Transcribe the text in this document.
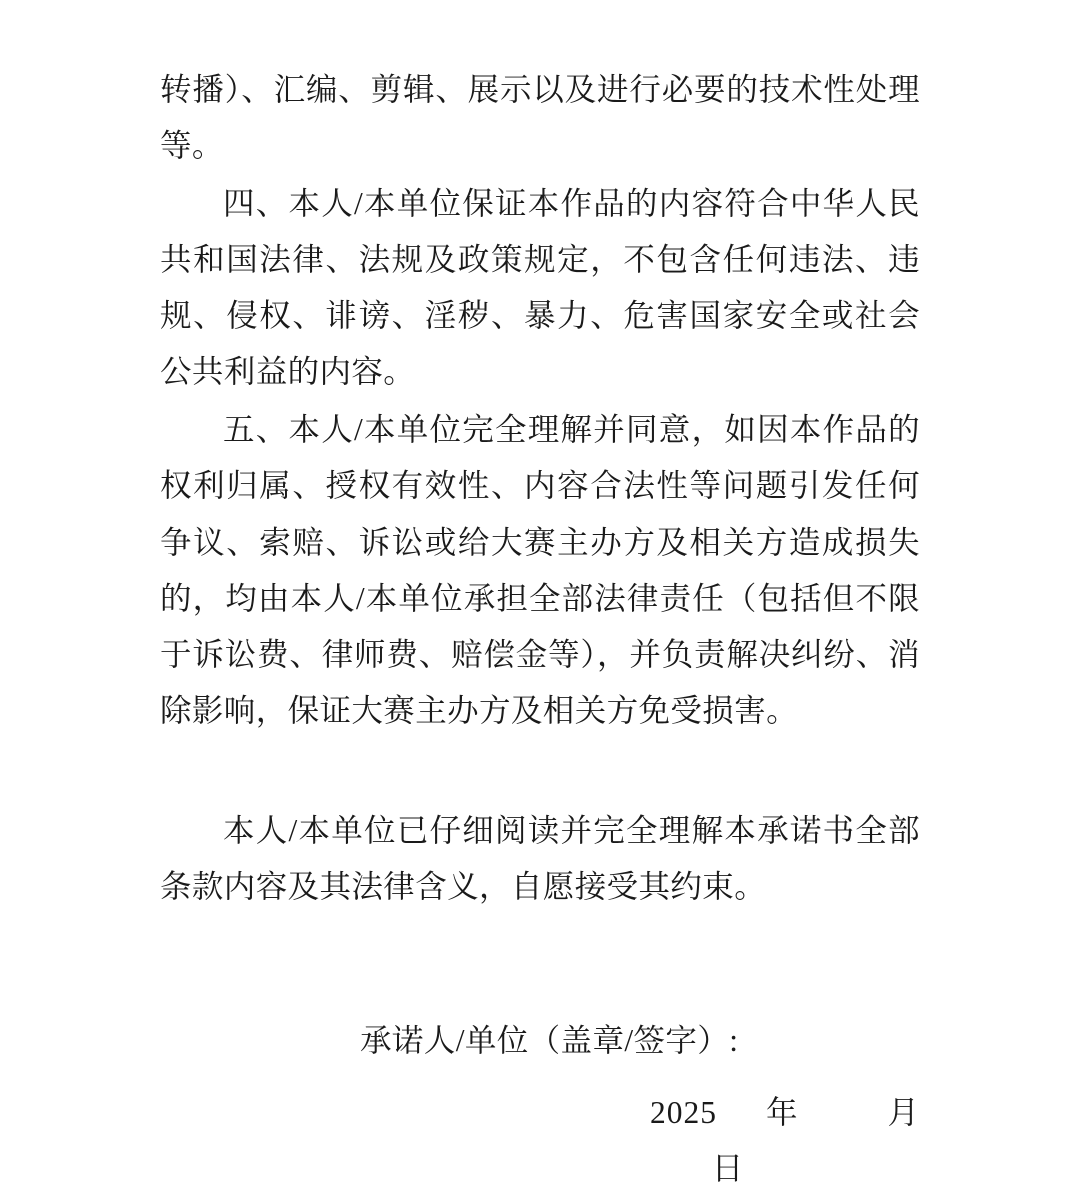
转播）、汇编、剪辑、展示以及进行必要的技术性处理等。

四、本人/本单位保证本作品的内容符合中华人民共和国法律、法规及政策规定，不包含任何违法、违规、侵权、诽谤、淫秽、暴力、危害国家安全或社会公共利益的内容。

五、本人/本单位完全理解并同意，如因本作品的权利归属、授权有效性、内容合法性等问题引发任何争议、索赔、诉讼或给大赛主办方及相关方造成损失的，均由本人/本单位承担全部法律责任（包括但不限于诉讼费、律师费、赔偿金等），并负责解决纠纷、消除影响，保证大赛主办方及相关方免受损害。

本人/本单位已仔细阅读并完全理解本承诺书全部条款内容及其法律含义，自愿接受其约束。

承诺人/单位（盖章/签字）:
2025 年	月   日
